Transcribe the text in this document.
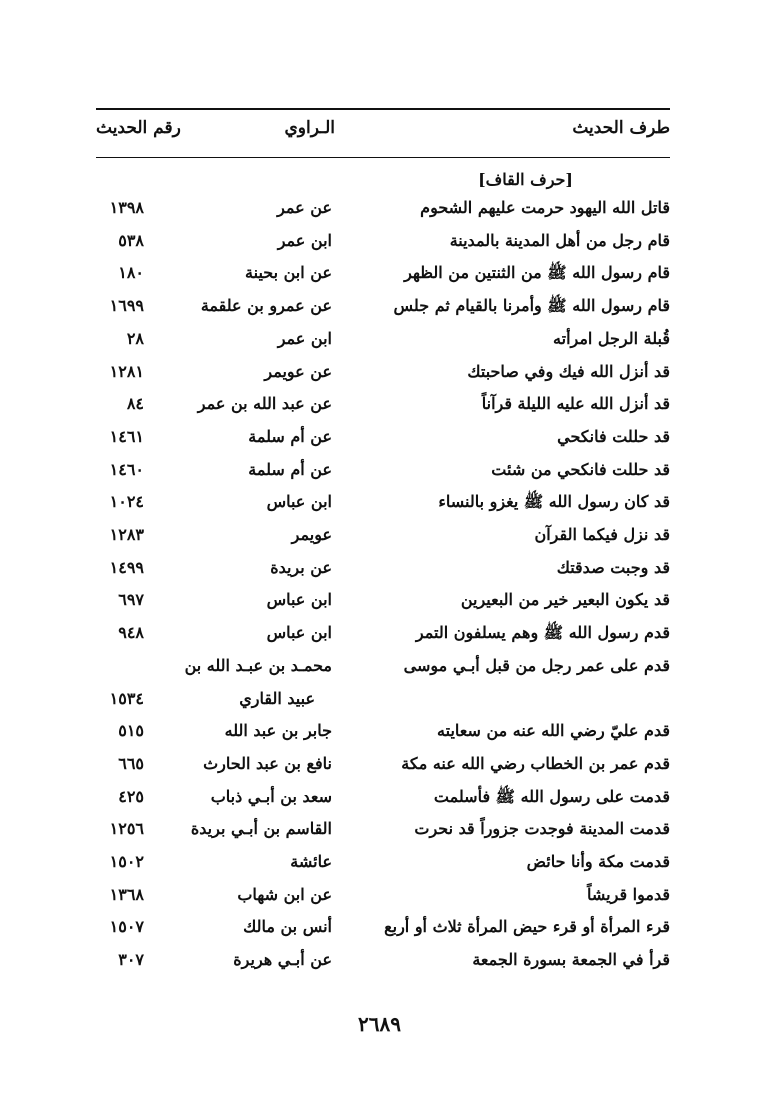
طرف الحديث
الـراوي
رقم الحديث
[حرف القاف]
قاتل الله اليهود حرمت عليهم الشحوم
عن عمر
١٣٩٨
قام رجل من أهل المدينة بالمدينة
ابن عمر
٥٣٨
قام رسول الله ﷺ من الثنتين من الظهر
عن ابن بحينة
١٨٠
قام رسول الله ﷺ وأمرنا بالقيام ثم جلس
عن عمرو بن علقمة
١٦٩٩
قُبلة الرجل امرأته
ابن عمر
٢٨
قد أنزل الله فيك وفي صاحبتك
عن عويمر
١٢٨١
قد أنزل الله عليه الليلة قرآناً
عن عبد الله بن عمر
٨٤
قد حللت فانكحي
عن أم سلمة
١٤٦١
قد حللت فانكحي من شئت
عن أم سلمة
١٤٦٠
قد كان رسول الله ﷺ يغزو بالنساء
ابن عباس
١٠٢٤
قد نزل فيكما القرآن
عويمر
١٢٨٣
قد وجبت صدقتك
عن بريدة
١٤٩٩
قد يكون البعير خير من البعيرين
ابن عباس
٦٩٧
قدم رسول الله ﷺ وهم يسلفون التمر
ابن عباس
٩٤٨
قدم على عمر رجل من قبل أبـي موسى
محمـد بن عبـد الله بن
عبيد القاري
١٥٣٤
قدم عليّ رضي الله عنه من سعايته
جابر بن عبد الله
٥١٥
قدم عمر بن الخطاب رضي الله عنه مكة
نافع بن عبد الحارث
٦٦٥
قدمت على رسول الله ﷺ فأسلمت
سعد بن أبـي ذباب
٤٢٥
قدمت المدينة فوجدت جزوراً قد نحرت
القاسم بن أبـي بريدة
١٢٥٦
قدمت مكة وأنا حائض
عائشة
١٥٠٢
قدموا قريشاً
عن ابن شهاب
١٣٦٨
قرء المرأة أو قرء حيض المرأة ثلاث أو أربع
أنس بن مالك
١٥٠٧
قرأ في الجمعة بسورة الجمعة
عن أبـي هريرة
٣٠٧
٢٦٨٩
